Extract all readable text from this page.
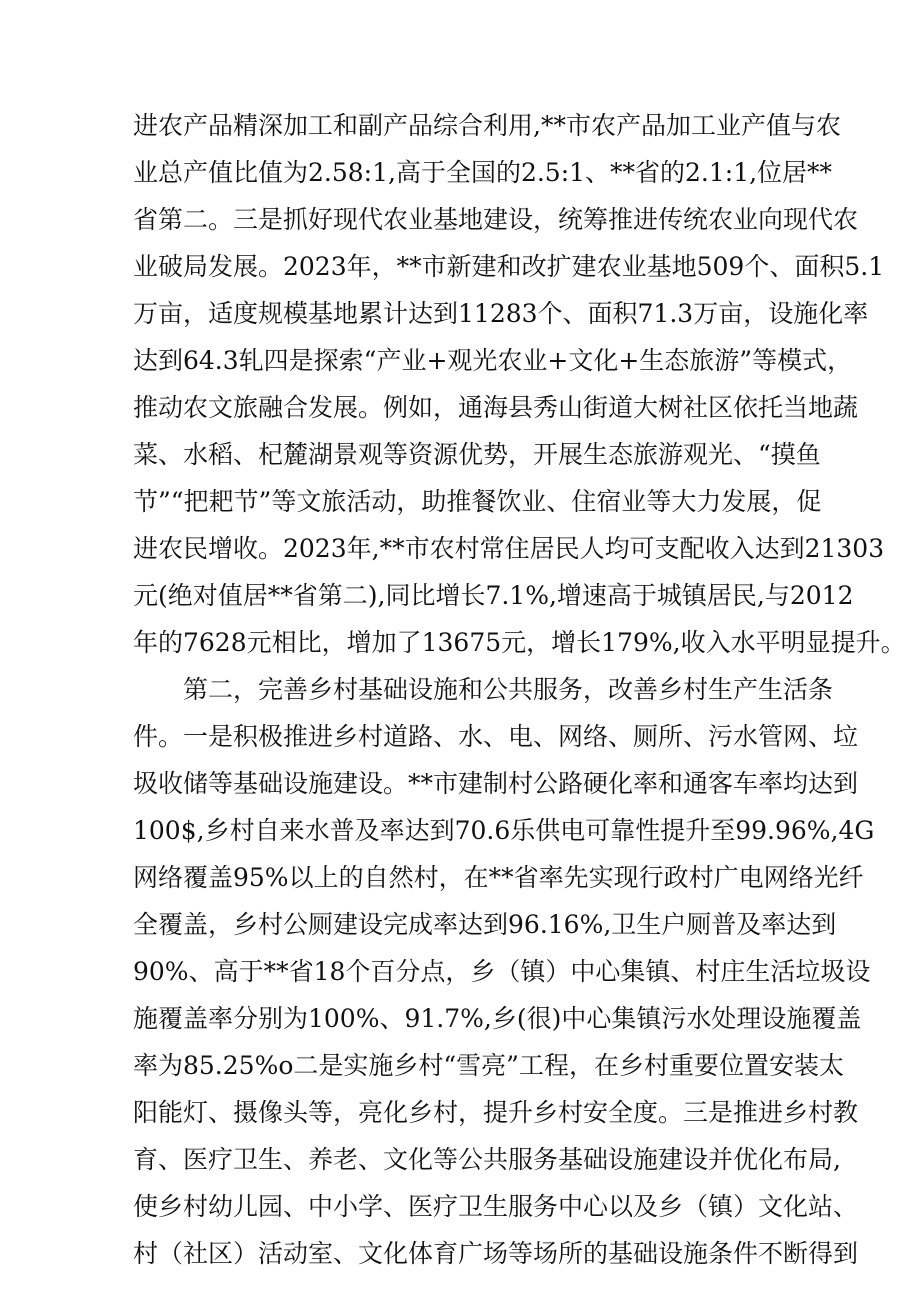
进农产品精深加工和副产品综合利用,**市农产品加工业产值与农
业总产值比值为2.58:1,高于全国的2.5:1、**省的2.1:1,位居**
省第二。三是抓好现代农业基地建设，统筹推进传统农业向现代农
业破局发展。2023年，**市新建和改扩建农业基地509个、面积5.1
万亩，适度规模基地累计达到11283个、面积71.3万亩，设施化率
达到64.3轧四是探索“产业+观光农业+文化+生态旅游”等模式，
推动农文旅融合发展。例如，通海县秀山街道大树社区依托当地蔬
菜、水稻、杞麓湖景观等资源优势，开展生态旅游观光、“摸鱼
节”“把耙节”等文旅活动，助推餐饮业、住宿业等大力发展，促
进农民增收。2023年,**市农村常住居民人均可支配收入达到21303
元(绝对值居**省第二),同比增长7.1%,增速高于城镇居民,与2012
年的7628元相比，增加了13675元，增长179%,收入水平明显提升。
第二，完善乡村基础设施和公共服务，改善乡村生产生活条
件。一是积极推进乡村道路、水、电、网络、厕所、污水管网、垃
圾收储等基础设施建设。**市建制村公路硬化率和通客车率均达到
100$,乡村自来水普及率达到70.6乐供电可靠性提升至99.96%,4G
网络覆盖95%以上的自然村，在**省率先实现行政村广电网络光纤
全覆盖，乡村公厕建设完成率达到96.16%,卫生户厕普及率达到
90%、高于**省18个百分点，乡（镇）中心集镇、村庄生活垃圾设
施覆盖率分别为100%、91.7%,乡(很)中心集镇污水处理设施覆盖
率为85.25%o二是实施乡村“雪亮”工程，在乡村重要位置安装太
阳能灯、摄像头等，亮化乡村，提升乡村安全度。三是推进乡村教
育、医疗卫生、养老、文化等公共服务基础设施建设并优化布局,
使乡村幼儿园、中小学、医疗卫生服务中心以及乡（镇）文化站、
村（社区）活动室、文化体育广场等场所的基础设施条件不断得到
